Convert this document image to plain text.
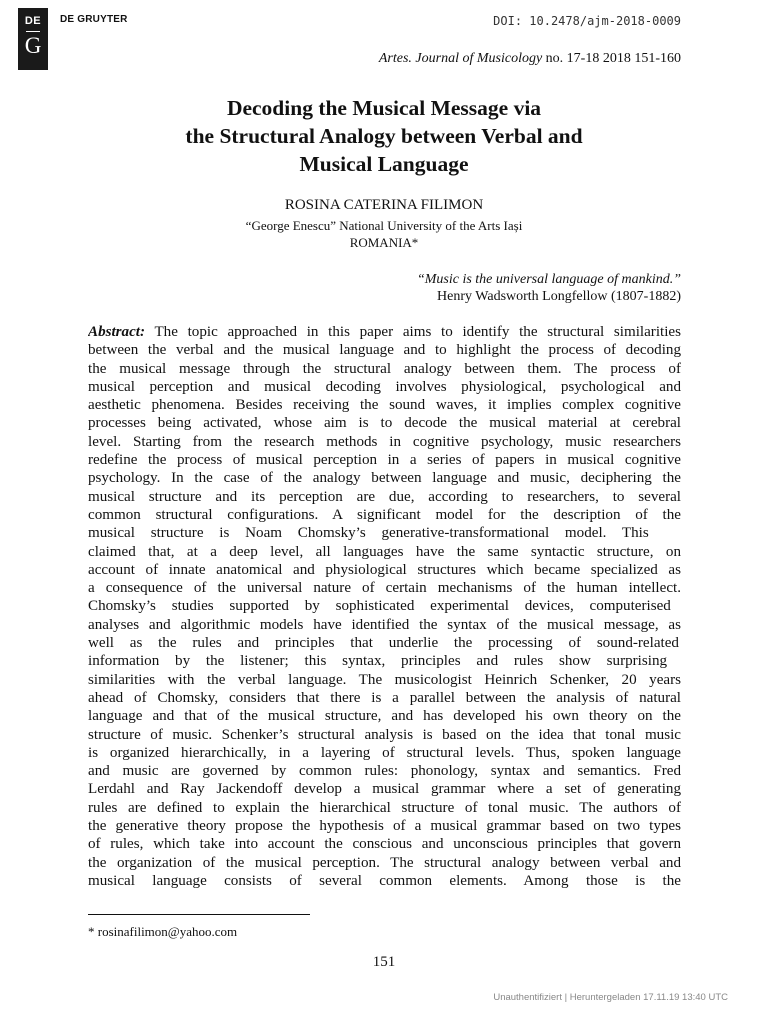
DE
G
DE GRUYTER	DOI: 10.2478/ajm-2018-0009
Artes. Journal of Musicology no. 17-18 2018 151-160
Decoding the Musical Message via
the Structural Analogy between Verbal and
Musical Language
ROSINA CATERINA FILIMON
“George Enescu” National University of the Arts Iași
ROMANIA*
“Music is the universal language of mankind.”
Henry Wadsworth Longfellow (1807-1882)
Abstract: The topic approached in this paper aims to identify the structural similarities
between the verbal and the musical language and to highlight the process of decoding
the musical message through the structural analogy between them. The process of
musical perception and musical decoding involves physiological, psychological and
aesthetic phenomena. Besides receiving the sound waves, it implies complex cognitive
processes being activated, whose aim is to decode the musical material at cerebral
level. Starting from the research methods in cognitive psychology, music researchers
redefine the process of musical perception in a series of papers in musical cognitive
psychology. In the case of the analogy between language and music, deciphering the
musical structure and its perception are due, according to researchers, to several
common structural configurations. A significant model for the description of the
musical structure is Noam Chomsky’s generative-transformational model. This
claimed that, at a deep level, all languages have the same syntactic structure, on
account of innate anatomical and physiological structures which became specialized as
a consequence of the universal nature of certain mechanisms of the human intellect.
Chomsky’s studies supported by sophisticated experimental devices, computerised
analyses and algorithmic models have identified the syntax of the musical message, as
well as the rules and principles that underlie the processing of sound-related
information by the listener; this syntax, principles and rules show surprising
similarities with the verbal language. The musicologist Heinrich Schenker, 20 years
ahead of Chomsky, considers that there is a parallel between the analysis of natural
language and that of the musical structure, and has developed his own theory on the
structure of music. Schenker’s structural analysis is based on the idea that tonal music
is organized hierarchically, in a layering of structural levels. Thus, spoken language
and music are governed by common rules: phonology, syntax and semantics. Fred
Lerdahl and Ray Jackendoff develop a musical grammar where a set of generating
rules are defined to explain the hierarchical structure of tonal music. The authors of
the generative theory propose the hypothesis of a musical grammar based on two types
of rules, which take into account the conscious and unconscious principles that govern
the organization of the musical perception. The structural analogy between verbal and
musical language consists of several common elements. Among those is the
* rosinafilimon@yahoo.com
151
Unauthentifiziert | Heruntergeladen 17.11.19 13:40 UTC
